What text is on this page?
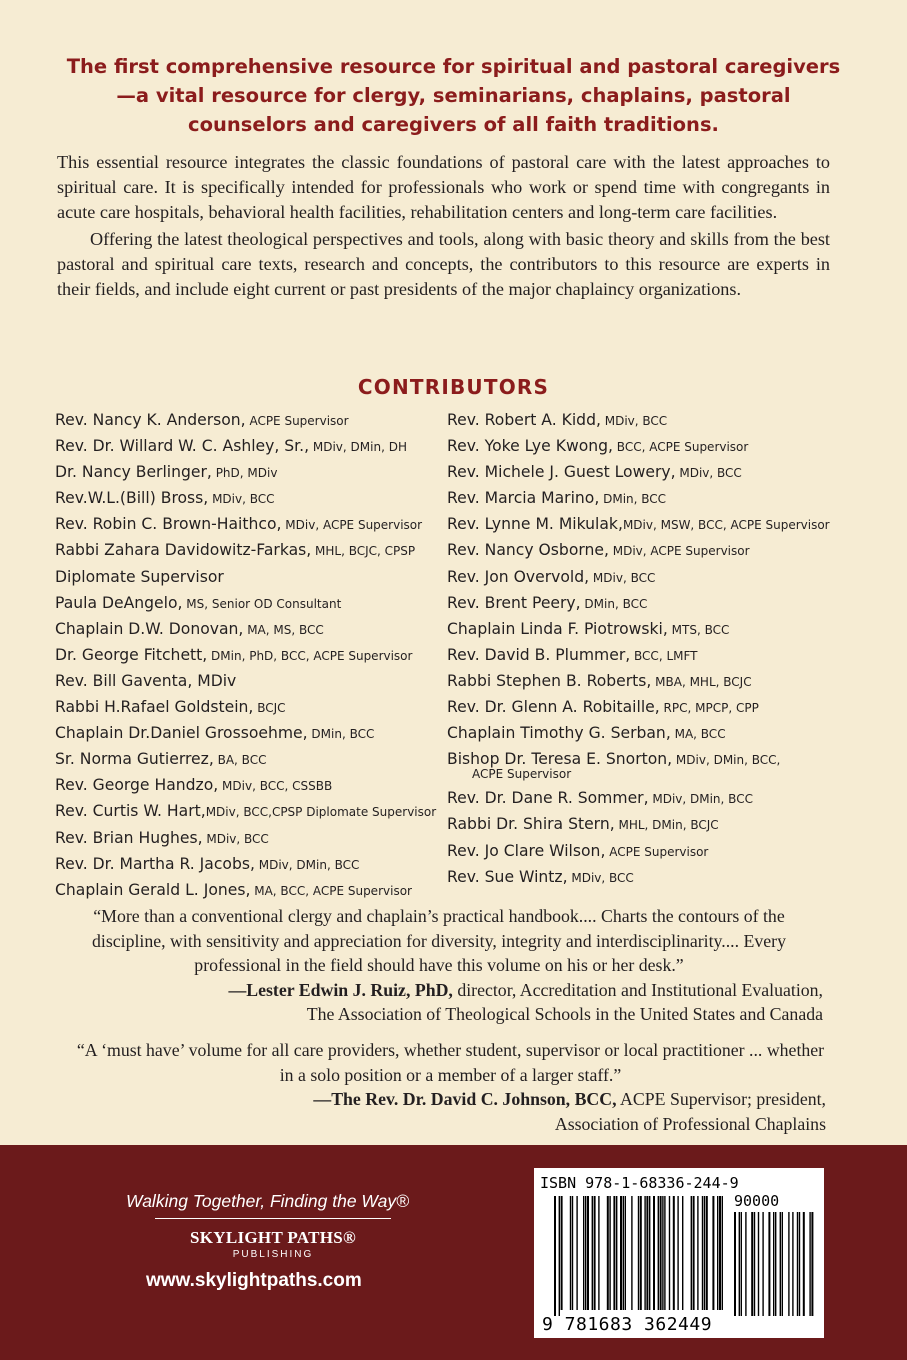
The first comprehensive resource for spiritual and pastoral caregivers—a vital resource for clergy, seminarians, chaplains, pastoral counselors and caregivers of all faith traditions.

This essential resource integrates the classic foundations of pastoral care with the latest approaches to spiritual care. It is specifically intended for professionals who work or spend time with congregants in acute care hospitals, behavioral health facilities, rehabilitation centers and long-term care facilities.

Offering the latest theological perspectives and tools, along with basic theory and skills from the best pastoral and spiritual care texts, research and concepts, the contributors to this resource are experts in their fields, and include eight current or past presidents of the major chaplaincy organizations.

CONTRIBUTORS
Rev. Nancy K. Anderson, ACPE Supervisor
Rev. Dr. Willard W. C. Ashley, Sr., MDiv, DMin, DH
Dr. Nancy Berlinger, PhD, MDiv
Rev.W.L.(Bill) Bross, MDiv, BCC
Rev. Robin C. Brown-Haithco, MDiv, ACPE Supervisor
Rabbi Zahara Davidowitz-Farkas, MHL, BCJC, CPSP
Diplomate Supervisor
Paula DeAngelo, MS, Senior OD Consultant
Chaplain D.W. Donovan, MA, MS, BCC
Dr. George Fitchett, DMin, PhD, BCC, ACPE Supervisor
Rev. Bill Gaventa, MDiv
Rabbi H.Rafael Goldstein, BCJC
Chaplain Dr.Daniel Grossoehme, DMin, BCC
Sr. Norma Gutierrez, BA, BCC
Rev. George Handzo, MDiv, BCC, CSSBB
Rev. Curtis W. Hart,MDiv, BCC,CPSP Diplomate Supervisor
Rev. Brian Hughes, MDiv, BCC
Rev. Dr. Martha R. Jacobs, MDiv, DMin, BCC
Chaplain Gerald L. Jones, MA, BCC, ACPE Supervisor
Rev. Robert A. Kidd, MDiv, BCC
Rev. Yoke Lye Kwong, BCC, ACPE Supervisor
Rev. Michele J. Guest Lowery, MDiv, BCC
Rev. Marcia Marino, DMin, BCC
Rev. Lynne M. Mikulak,MDiv, MSW, BCC, ACPE Supervisor
Rev. Nancy Osborne, MDiv, ACPE Supervisor
Rev. Jon Overvold, MDiv, BCC
Rev. Brent Peery, DMin, BCC
Chaplain Linda F. Piotrowski, MTS, BCC
Rev. David B. Plummer, BCC, LMFT
Rabbi Stephen B. Roberts, MBA, MHL, BCJC
Rev. Dr. Glenn A. Robitaille, RPC, MPCP, CPP
Chaplain Timothy G. Serban, MA, BCC
Bishop Dr. Teresa E. Snorton, MDiv, DMin, BCC,
ACPE Supervisor
Rev. Dr. Dane R. Sommer, MDiv, DMin, BCC
Rabbi Dr. Shira Stern, MHL, DMin, BCJC
Rev. Jo Clare Wilson, ACPE Supervisor
Rev. Sue Wintz, MDiv, BCC

“More than a conventional clergy and chaplain’s practical handbook.... Charts the contours of the discipline, with sensitivity and appreciation for diversity, integrity and interdisciplinarity.... Every professional in the field should have this volume on his or her desk.”

—Lester Edwin J. Ruiz, PhD, director, Accreditation and Institutional Evaluation,

The Association of Theological Schools in the United States and Canada

“A ‘must have’ volume for all care providers, whether student, supervisor or local practitioner ... whether in a solo position or a member of a larger staff.”

—The Rev. Dr. David C. Johnson, BCC, ACPE Supervisor; president,

Association of Professional Chaplains

Walking Together, Finding the Way®
SKYLIGHT PATHS®
PUBLISHING
www.skylightpaths.com
ISBN 978-1-68336-244-9
90000
9 781683 362449
